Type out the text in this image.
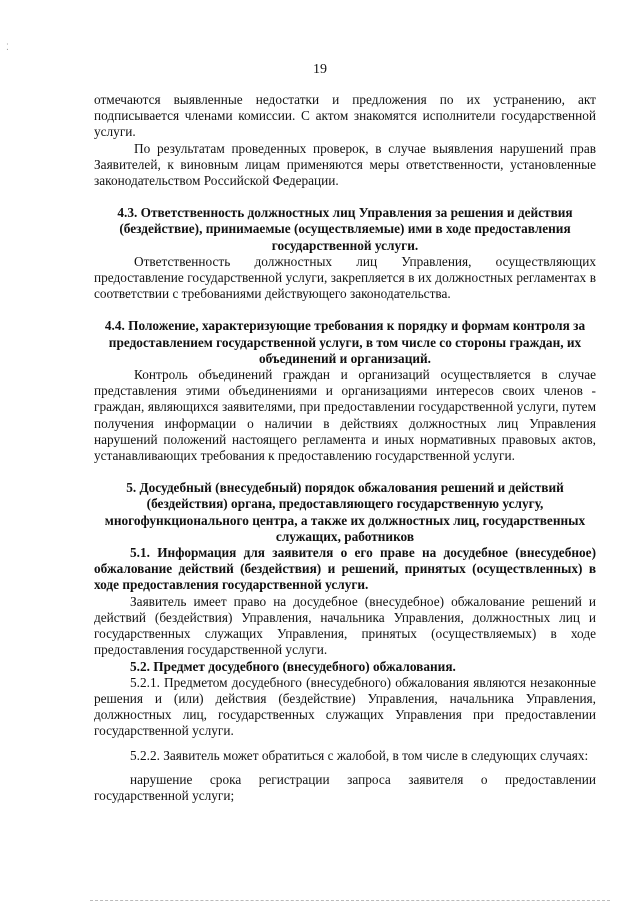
⁚
19

отмечаются выявленные недостатки и предложения по их устранению, акт подписывается членами комиссии. С актом знакомятся исполнители государственной услуги.

По результатам проведенных проверок, в случае выявления нарушений прав Заявителей, к виновным лицам применяются меры ответственности, установленные законодательством Российской Федерации.

4.3. Ответственность должностных лиц Управления за решения и действия (бездействие), принимаемые (осуществляемые) ими в ходе предоставления государственной услуги.

Ответственность должностных лиц Управления, осуществляющих предоставление государственной услуги, закрепляется в их должностных регламентах в соответствии с требованиями действующего законодательства.

4.4. Положение, характеризующие требования к порядку и формам контроля за предоставлением государственной услуги, в том числе со стороны граждан, их объединений и организаций.

Контроль объединений граждан и организаций осуществляется в случае представления этими объединениями и организациями интересов своих членов - граждан, являющихся заявителями, при предоставлении государственной услуги, путем получения информации о наличии в действиях должностных лиц Управления нарушений положений настоящего регламента и иных нормативных правовых актов, устанавливающих требования к предоставлению государственной услуги.

5. Досудебный (внесудебный) порядок обжалования решений и действий (бездействия) органа, предоставляющего государственную услугу, многофункционального центра, а также их должностных лиц, государственных служащих, работников

5.1. Информация для заявителя о его праве на досудебное (внесудебное) обжалование действий (бездействия) и решений, принятых (осуществленных) в ходе предоставления государственной услуги.

Заявитель имеет право на досудебное (внесудебное) обжалование решений и действий (бездействия) Управления, начальника Управления, должностных лиц и государственных служащих Управления, принятых (осуществляемых) в ходе предоставления государственной услуги.

5.2. Предмет досудебного (внесудебного) обжалования.

5.2.1. Предметом досудебного (внесудебного) обжалования являются незаконные решения и (или) действия (бездействие) Управления, начальника Управления, должностных лиц, государственных служащих Управления при предоставлении государственной услуги.

5.2.2. Заявитель может обратиться с жалобой, в том числе в следующих случаях:

нарушение срока регистрации запроса заявителя о предоставлении государственной услуги;
